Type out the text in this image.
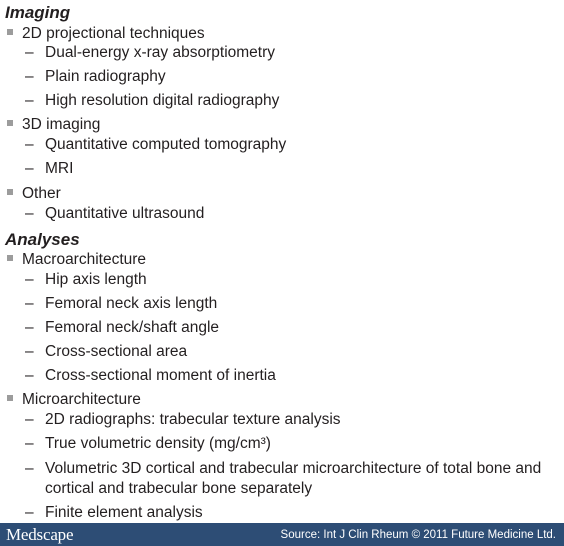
Imaging
2D projectional techniques
– Dual-energy x-ray absorptiometry
– Plain radiography
– High resolution digital radiography
3D imaging
– Quantitative computed tomography
– MRI
Other
– Quantitative ultrasound
Analyses
Macroarchitecture
– Hip axis length
– Femoral neck axis length
– Femoral neck/shaft angle
– Cross-sectional area
– Cross-sectional moment of inertia
Microarchitecture
– 2D radiographs: trabecular texture analysis
– True volumetric density (mg/cm³)
– Volumetric 3D cortical and trabecular microarchitecture of total bone and cortical and trabecular bone separately
– Finite element analysis
Medscape	Source: Int J Clin Rheum © 2011 Future Medicine Ltd.
